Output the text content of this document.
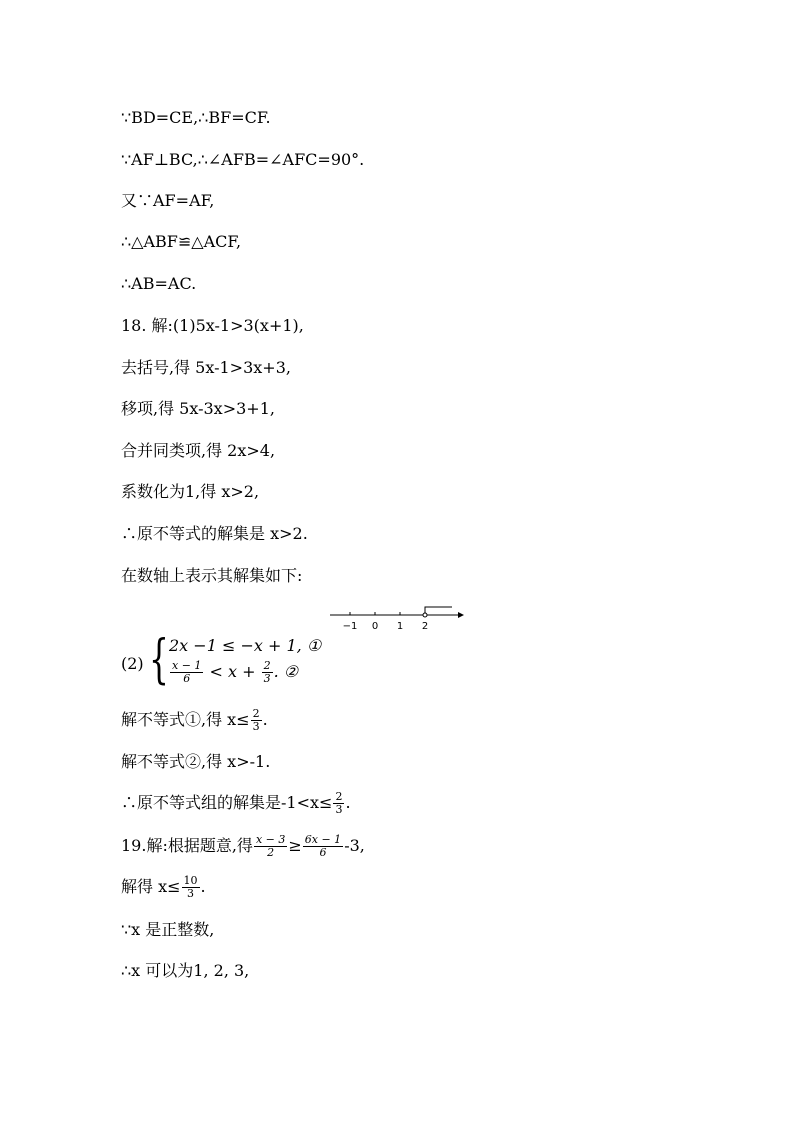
∵BD=CE,∴BF=CF.
∵AF⊥BC,∴∠AFB=∠AFC=90°.
又∵AF=AF,
∴△ABF≌△ACF,
∴AB=AC.
18. 解:(1)5x-1>3(x+1),
去括号,得 5x-1>3x+3,
移项,得 5x-3x>3+1,
合并同类项,得 2x>4,
系数化为1,得 x>2,
∴原不等式的解集是 x>2.
在数轴上表示其解集如下:
−1 0 1 2
(2) { 2x −1 ≤ −x + 1, ①
$\frac{x - 1}{6} < x + \frac{2}{3}$ . ②
解不等式①,得 $x\le \frac{2}{3}$ .
解不等式②,得 x>-1.
∴原不等式组的解集是$-1<x\le \frac{2}{3}$ .
19.解:根据题意,得 $\frac{x - 3}{2} \ge \frac{6x - 1}{6} -3$,
解得 $x\le \frac{10}{3}$ .
∵x 是正整数,
∴x 可以为1, 2, 3,
